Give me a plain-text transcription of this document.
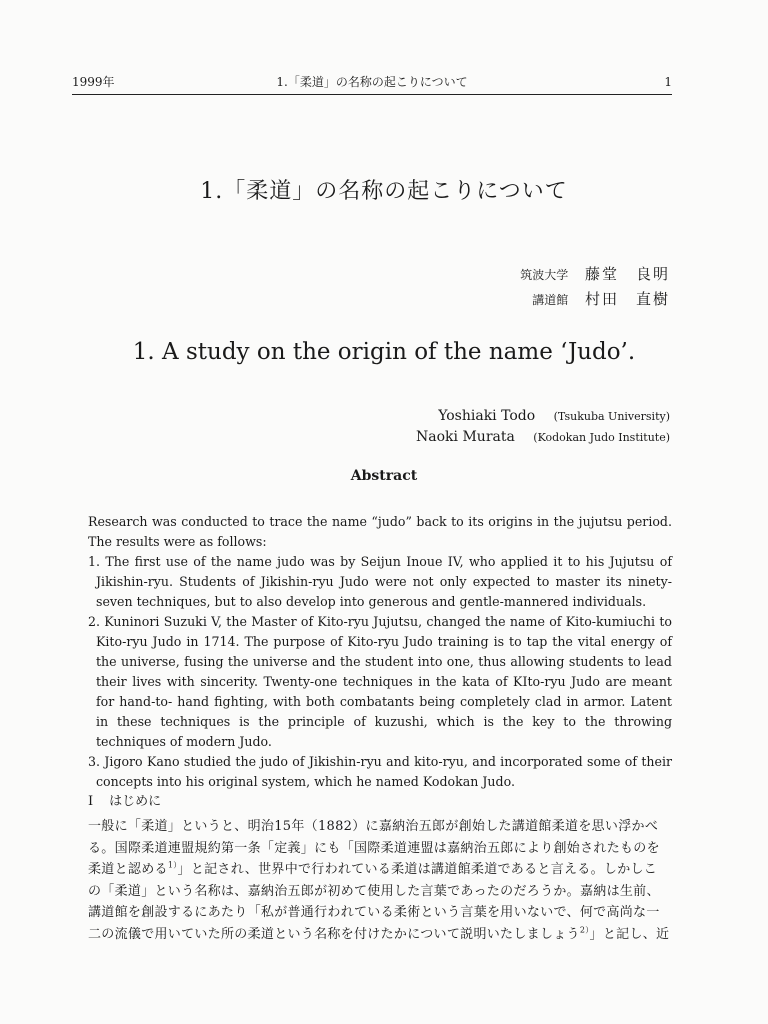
1999年	1.「柔道」の名称の起こりについて	1
1.「柔道」の名称の起こりについて
筑波大学 藤堂　良明
講道館 村田　直樹
1. A study on the origin of the name ‘Judo’.
Yoshiaki Todo (Tsukuba University)
Naoki Murata (Kodokan Judo Institute)
Abstract

Research was conducted to trace the name “judo” back to its origins in the jujutsu period. The results were as follows:

1. The first use of the name judo was by Seijun Inoue IV, who applied it to his Jujutsu of Jikishin-ryu. Students of Jikishin-ryu Judo were not only expected to master its ninety-seven techniques, but to also develop into generous and gentle-mannered individuals.

2. Kuninori Suzuki V, the Master of Kito-ryu Jujutsu, changed the name of Kito-kumiuchi to Kito-ryu Judo in 1714. The purpose of Kito-ryu Judo training is to tap the vital energy of the universe, fusing the universe and the student into one, thus allowing students to lead their lives with sincerity. Twenty-one techniques in the kata of KIto-ryu Judo are meant for hand-to- hand fighting, with both combatants being completely clad in armor. Latent in these techniques is the principle of kuzushi, which is the key to the throwing techniques of modern Judo.

3. Jigoro Kano studied the judo of Jikishin-ryu and kito-ryu, and incorporated some of their concepts into his original system, which he named Kodokan Judo.

Ⅰ はじめに

一般に「柔道」というと、明治15年（1882）に嘉納治五郎が創始した講道館柔道を思い浮かべ

る。国際柔道連盟規約第一条「定義」にも「国際柔道連盟は嘉納治五郎により創始されたものを

柔道と認める$^{1)}$」と記され、世界中で行われている柔道は講道館柔道であると言える。しかしこ

の「柔道」という名称は、嘉納治五郎が初めて使用した言葉であったのだろうか。嘉納は生前、

講道館を創設するにあたり「私が普通行われている柔術という言葉を用いないで、何で高尚な一

二の流儀で用いていた所の柔道という名称を付けたかについて説明いたしましょう$^{2)}$」と記し、近
